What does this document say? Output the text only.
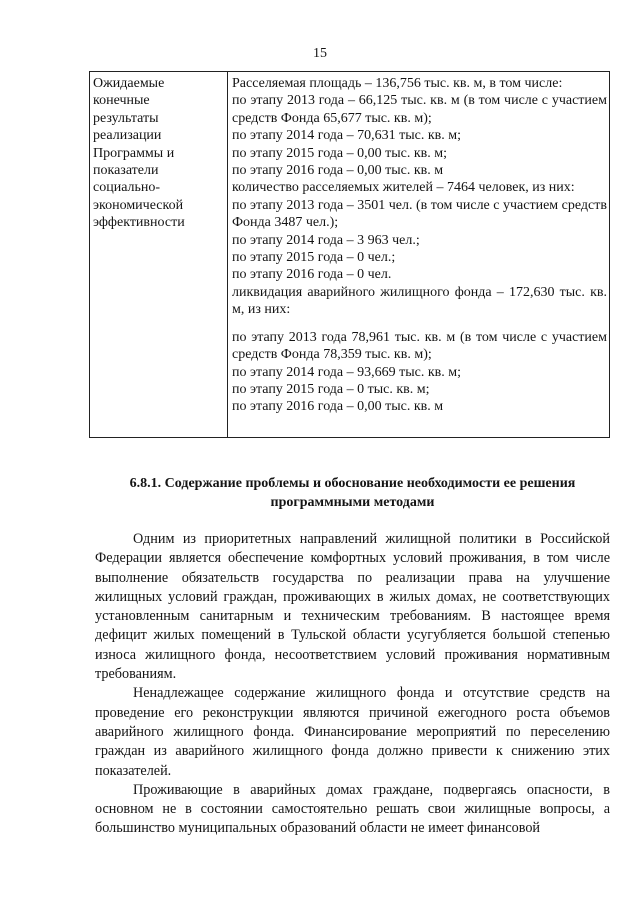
15
Ожидаемые
конечные
результаты
реализации
Программы и
показатели
социально-
экономической
эффективности

Расселяемая площадь – 136,756 тыс. кв. м, в том числе:

по этапу 2013 года – 66,125 тыс. кв. м (в том числе с участием средств Фонда 65,677 тыс. кв. м);

по этапу 2014 года – 70,631 тыс. кв. м;

по этапу 2015 года – 0,00 тыс. кв. м;

по этапу 2016 года – 0,00 тыс. кв. м

количество расселяемых жителей – 7464 человек, из них:

по этапу 2013 года – 3501 чел. (в том числе с участием средств Фонда 3487 чел.);

по этапу 2014 года – 3 963 чел.;

по этапу 2015 года – 0 чел.;

по этапу 2016 года – 0 чел.

ликвидация аварийного жилищного фонда – 172,630 тыс. кв. м, из них:

по этапу 2013 года 78,961 тыс. кв. м (в том числе с участием средств Фонда 78,359 тыс. кв. м);

по этапу 2014 года – 93,669 тыс. кв. м;

по этапу 2015 года – 0 тыс. кв. м;

по этапу 2016 года – 0,00 тыс. кв. м

6.8.1. Содержание проблемы и обоснование необходимости ее решения программными методами

Одним из приоритетных направлений жилищной политики в Российской Федерации является обеспечение комфортных условий проживания, в том числе выполнение обязательств государства по реализации права на улучшение жилищных условий граждан, проживающих в жилых домах, не соответствующих установленным санитарным и техническим требованиям. В настоящее время дефицит жилых помещений в Тульской области усугубляется большой степенью износа жилищного фонда, несоответствием условий проживания нормативным требованиям.

Ненадлежащее содержание жилищного фонда и отсутствие средств на проведение его реконструкции являются причиной ежегодного роста объемов аварийного жилищного фонда. Финансирование мероприятий по переселению граждан из аварийного жилищного фонда должно привести к снижению этих показателей.

Проживающие в аварийных домах граждане, подвергаясь опасности, в основном не в состоянии самостоятельно решать свои жилищные вопросы, а большинство муниципальных образований области не имеет финансовой
